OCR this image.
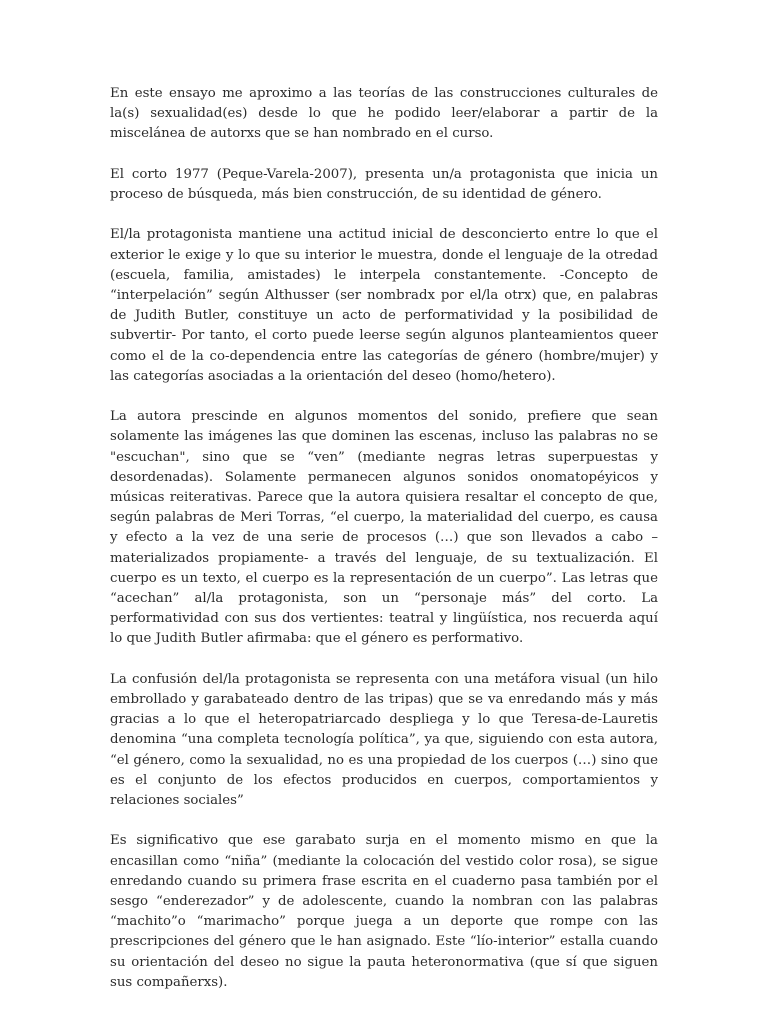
En este ensayo me aproximo a las teorías de las construcciones culturales de la(s) sexualidad(es) desde lo que he podido leer/elaborar a partir de la miscelánea de autorxs que se han nombrado en el curso.

El corto 1977 (Peque-Varela-2007), presenta un/a protagonista que inicia un proceso de búsqueda, más bien construcción, de su identidad de género.

El/la protagonista mantiene una actitud inicial de desconcierto entre lo que el exterior le exige y lo que su interior le muestra, donde el lenguaje de la otredad (escuela, familia, amistades) le interpela constantemente. -Concepto de “interpelación” según Althusser (ser nombradx por el/la otrx) que, en palabras de Judith Butler, constituye un acto de performatividad y la posibilidad de subvertir- Por tanto, el corto puede leerse según algunos planteamientos queer como el de la co-dependencia entre las categorías de género (hombre/mujer) y las categorías asociadas a la orientación del deseo (homo/hetero).

La autora prescinde en algunos momentos del sonido, prefiere que sean solamente las imágenes las que dominen las escenas, incluso las palabras no se "escuchan", sino que se “ven” (mediante negras letras superpuestas y desordenadas). Solamente permanecen algunos sonidos onomatopéyicos y músicas reiterativas. Parece que la autora quisiera resaltar el concepto de que, según palabras de Meri Torras, “el cuerpo, la materialidad del cuerpo, es causa y efecto a la vez de una serie de procesos (…) que son llevados a cabo –materializados propiamente- a través del lenguaje, de su textualización. El cuerpo es un texto, el cuerpo es la representación de un cuerpo”. Las letras que “acechan” al/la protagonista, son un “personaje más” del corto. La performatividad con sus dos vertientes: teatral y lingüística, nos recuerda aquí lo que Judith Butler afirmaba: que el género es performativo.

La confusión del/la protagonista se representa con una metáfora visual (un hilo embrollado y garabateado dentro de las tripas) que se va enredando más y más gracias a lo que el heteropatriarcado despliega y lo que Teresa-de-Lauretis denomina “una completa tecnología política”, ya que, siguiendo con esta autora, “el género, como la sexualidad, no es una propiedad de los cuerpos (…) sino que es el conjunto de los efectos producidos en cuerpos, comportamientos y relaciones sociales”

Es significativo que ese garabato surja en el momento mismo en que la encasillan como “niña” (mediante la colocación del vestido color rosa), se sigue enredando cuando su primera frase escrita en el cuaderno pasa también por el sesgo “enderezador” y de adolescente, cuando la nombran con las palabras “machito”o “marimacho” porque juega a un deporte que rompe con las prescripciones del género que le han asignado. Este “lío-interior” estalla cuando su orientación del deseo no sigue la pauta heteronormativa (que sí que siguen sus compañerxs).
